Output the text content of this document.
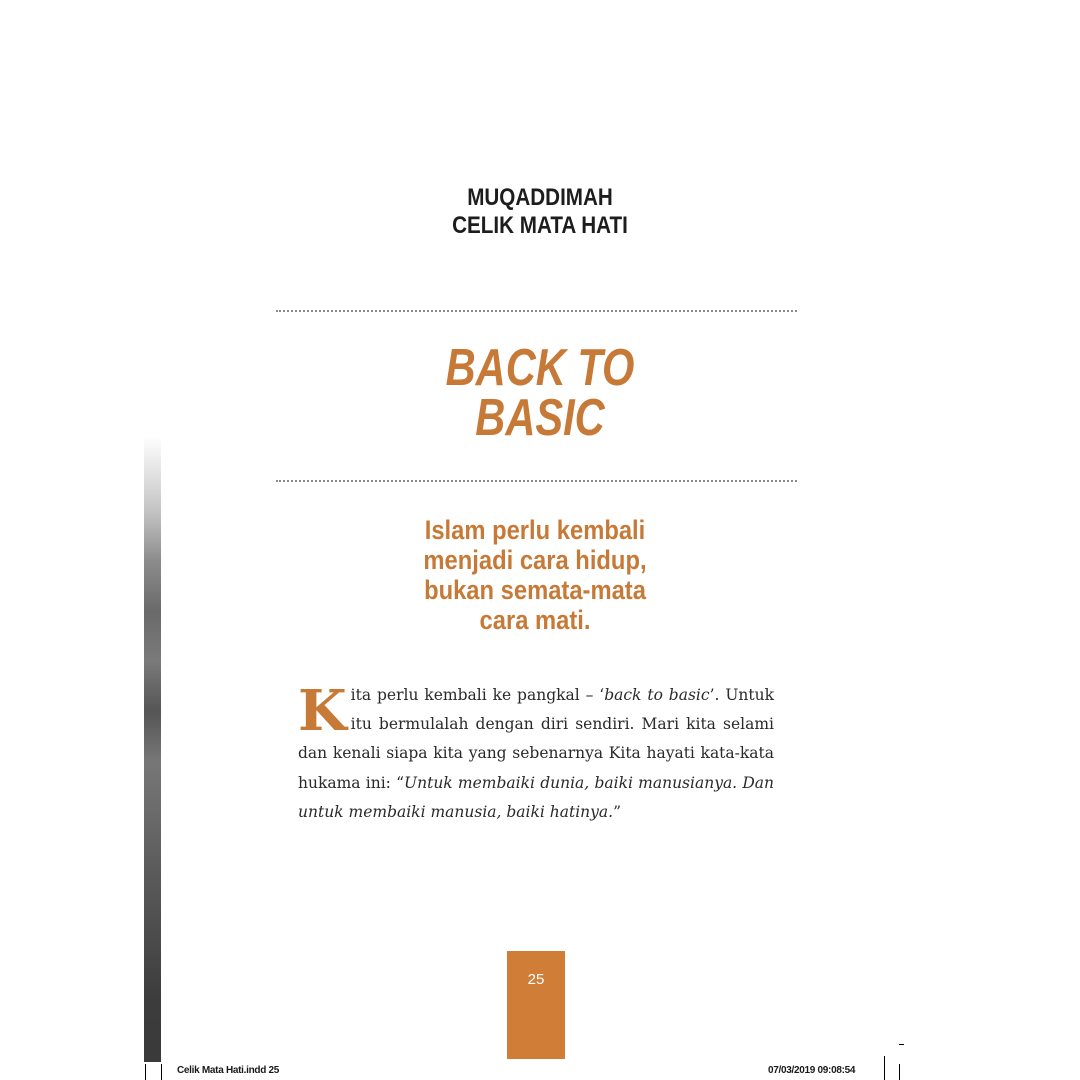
MUQADDIMAH
CELIK MATA HATI
BACK TO
BASIC
Islam perlu kembali
menjadi cara hidup,
bukan semata-mata
cara mati.
Kita perlu kembali ke pangkal – ‘back to basic’. Untuk itu bermulalah dengan diri sendiri. Mari kita selami dan kenali siapa kita yang sebenarnya Kita hayati kata-kata hukama ini: “Untuk membaiki dunia, baiki manusianya. Dan untuk membaiki manusia, baiki hatinya.”
25
Celik Mata Hati.indd 25	07/03/2019 09:08:54
